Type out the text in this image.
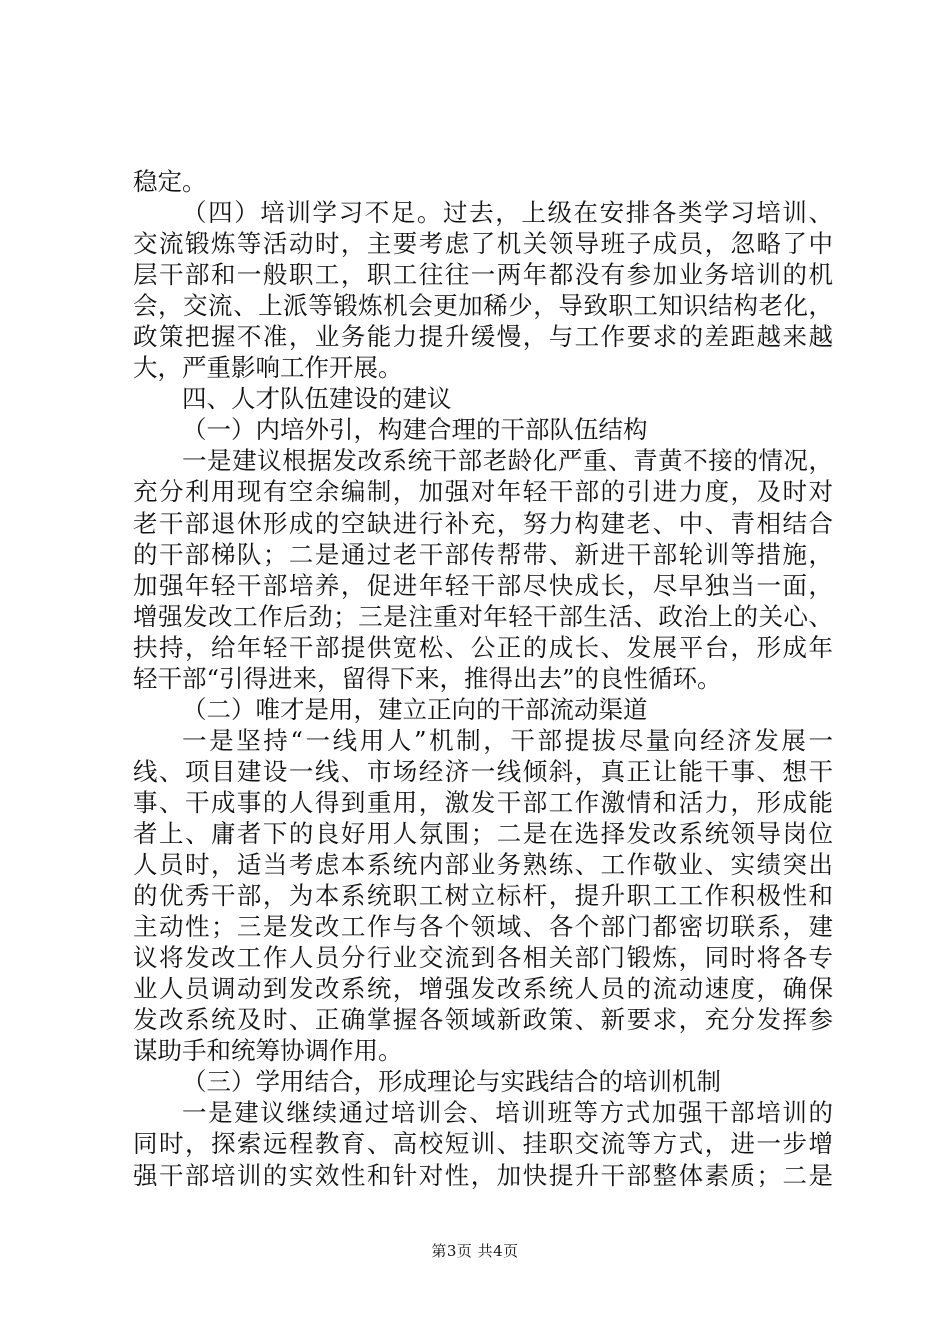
稳定。
（四）培训学习不足。过去，上级在安排各类学习培训、
交流锻炼等活动时，主要考虑了机关领导班子成员，忽略了中
层干部和一般职工，职工往往一两年都没有参加业务培训的机
会，交流、上派等锻炼机会更加稀少，导致职工知识结构老化，
政策把握不准，业务能力提升缓慢，与工作要求的差距越来越
大，严重影响工作开展。
四、人才队伍建设的建议
（一）内培外引，构建合理的干部队伍结构
一是建议根据发改系统干部老龄化严重、青黄不接的情况，
充分利用现有空余编制，加强对年轻干部的引进力度，及时对
老干部退休形成的空缺进行补充，努力构建老、中、青相结合
的干部梯队；二是通过老干部传帮带、新进干部轮训等措施，
加强年轻干部培养，促进年轻干部尽快成长，尽早独当一面，
增强发改工作后劲；三是注重对年轻干部生活、政治上的关心、
扶持，给年轻干部提供宽松、公正的成长、发展平台，形成年
轻干部“引得进来，留得下来，推得出去”的良性循环。
（二）唯才是用，建立正向的干部流动渠道
一是坚持“一线用人”机制，干部提拔尽量向经济发展一
线、项目建设一线、市场经济一线倾斜，真正让能干事、想干
事、干成事的人得到重用，激发干部工作激情和活力，形成能
者上、庸者下的良好用人氛围；二是在选择发改系统领导岗位
人员时，适当考虑本系统内部业务熟练、工作敬业、实绩突出
的优秀干部，为本系统职工树立标杆，提升职工工作积极性和
主动性；三是发改工作与各个领域、各个部门都密切联系，建
议将发改工作人员分行业交流到各相关部门锻炼，同时将各专
业人员调动到发改系统，增强发改系统人员的流动速度，确保
发改系统及时、正确掌握各领域新政策、新要求，充分发挥参
谋助手和统筹协调作用。
（三）学用结合，形成理论与实践结合的培训机制
一是建议继续通过培训会、培训班等方式加强干部培训的
同时，探索远程教育、高校短训、挂职交流等方式，进一步增
强干部培训的实效性和针对性，加快提升干部整体素质；二是
第3页 共4页
